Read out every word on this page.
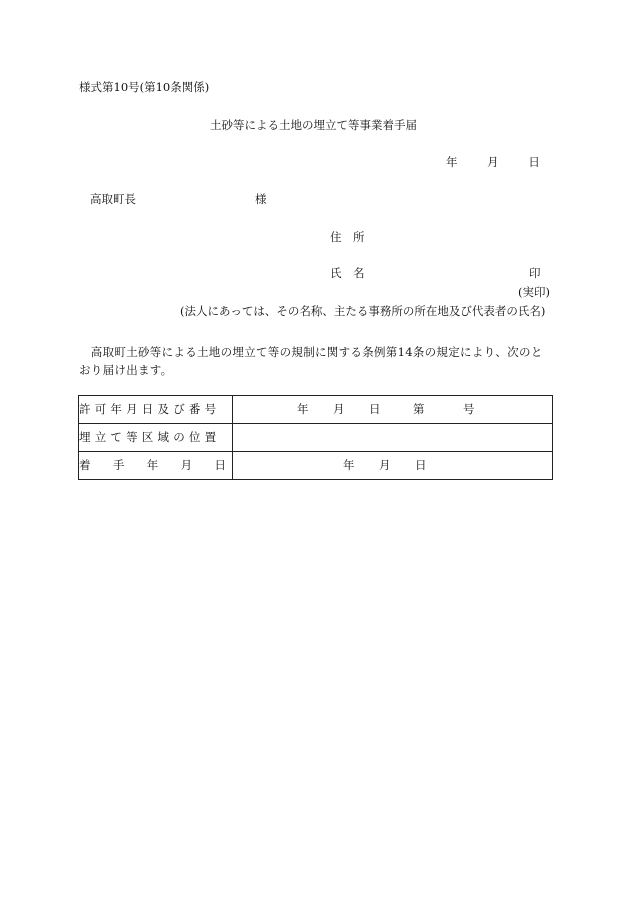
様式第10号(第10条関係)
土砂等による土地の埋立て等事業着手届
年	月	日
高取町長	様
住　所
氏　名	印
(実印)
(法人にあっては、その名称、主たる事務所の所在地及び代表者の氏名)
　高取町土砂等による土地の埋立て等の規制に関する条例第14条の規定により、次のとおり届け出ます。
許可年月日及び番号	年 月 日 第 号

埋立て等区域の位置	

着 手 年 月 日	年 月 日
